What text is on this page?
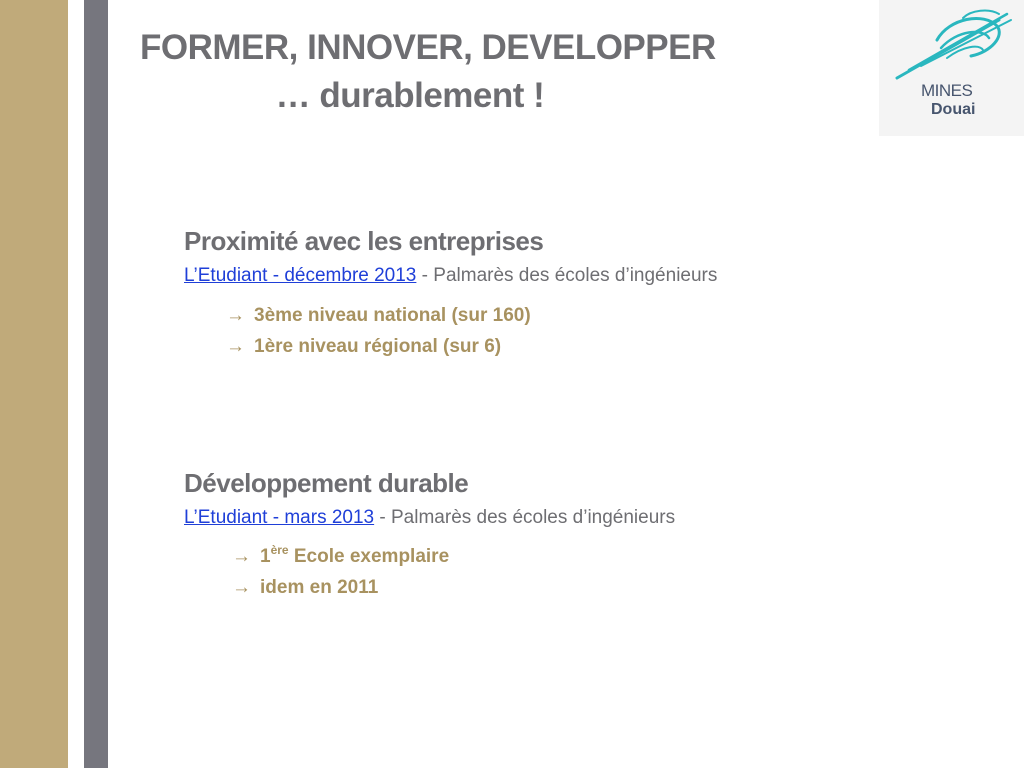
FORMER, INNOVER, DEVELOPPER
… durablement !	MINES
Douai
Proximité avec les entreprises
L’Etudiant - décembre 2013 - Palmarès des écoles d’ingénieurs
→ 3ème niveau national (sur 160)
→ 1ère niveau régional (sur 6)
Développement durable
L’Etudiant - mars 2013 - Palmarès des écoles d’ingénieurs
→ 1ère Ecole exemplaire
→ idem en 2011
